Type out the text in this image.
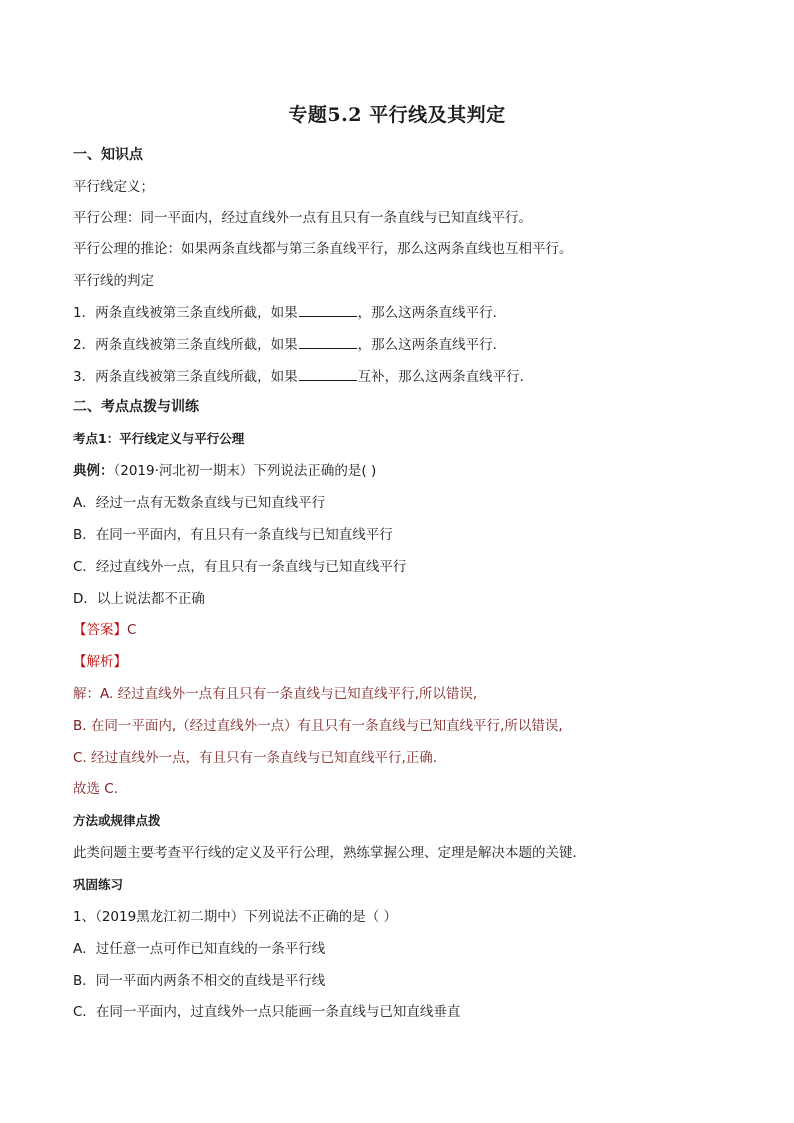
专题5.2 平行线及其判定
一、知识点
平行线定义；
平行公理：同一平面内，经过直线外一点有且只有一条直线与已知直线平行。
平行公理的推论：如果两条直线都与第三条直线平行，那么这两条直线也互相平行。
平行线的判定
1．两条直线被第三条直线所截，如果	，那么这两条直线平行．
2．两条直线被第三条直线所截，如果	，那么这两条直线平行．
3．两条直线被第三条直线所截，如果	互补，那么这两条直线平行．
二、考点点拨与训练
考点1：平行线定义与平行公理
典例：（2019·河北初一期末）下列说法正确的是( )
A．经过一点有无数条直线与已知直线平行
B．在同一平面内，有且只有一条直线与已知直线平行
C．经过直线外一点，有且只有一条直线与已知直线平行
D．以上说法都不正确
【答案】C
【解析】
解：A. 经过直线外一点有且只有一条直线与已知直线平行,所以错误,
B. 在同一平面内,（经过直线外一点）有且只有一条直线与已知直线平行,所以错误,
C. 经过直线外一点，有且只有一条直线与已知直线平行,正确.
故选 C.
方法或规律点拨
此类问题主要考查平行线的定义及平行公理，熟练掌握公理、定理是解决本题的关键．
巩固练习
1、（2019黑龙江初二期中）下列说法不正确的是（ ）
A．过任意一点可作已知直线的一条平行线
B．同一平面内两条不相交的直线是平行线
C．在同一平面内，过直线外一点只能画一条直线与已知直线垂直
